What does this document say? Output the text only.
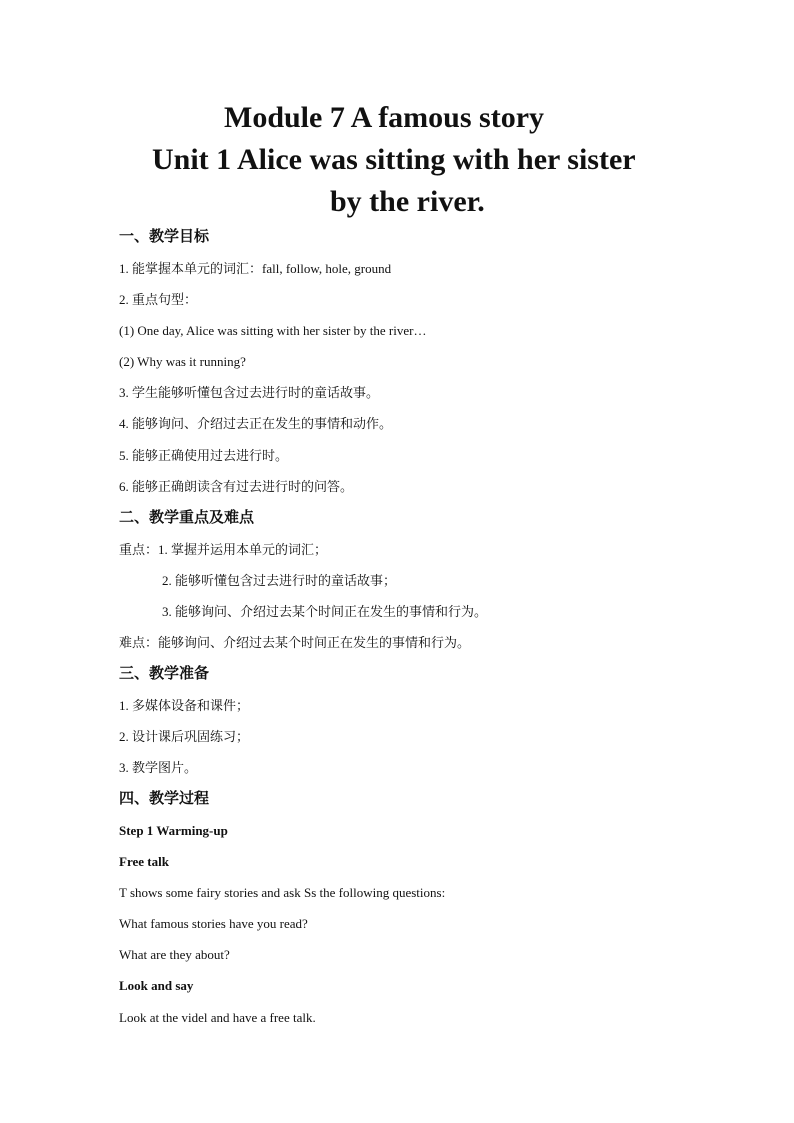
Module 7 A famous story
Unit 1 Alice was sitting with her sister
by the river.
一、教学目标
1. 能掌握本单元的词汇：fall, follow, hole, ground
2. 重点句型：
(1) One day, Alice was sitting with her sister by the river…
(2) Why was it running?
3. 学生能够听懂包含过去进行时的童话故事。
4. 能够询问、介绍过去正在发生的事情和动作。
5. 能够正确使用过去进行时。
6. 能够正确朗读含有过去进行时的问答。
二、教学重点及难点
重点：1. 掌握并运用本单元的词汇；
2. 能够听懂包含过去进行时的童话故事；
3. 能够询问、介绍过去某个时间正在发生的事情和行为。
难点：能够询问、介绍过去某个时间正在发生的事情和行为。
三、教学准备
1. 多媒体设备和课件；
2. 设计课后巩固练习；
3. 教学图片。
四、教学过程
Step 1 Warming-up
Free talk
T shows some fairy stories and ask Ss the following questions:
What famous stories have you read?
What are they about?
Look and say
Look at the videl and have a free talk.
